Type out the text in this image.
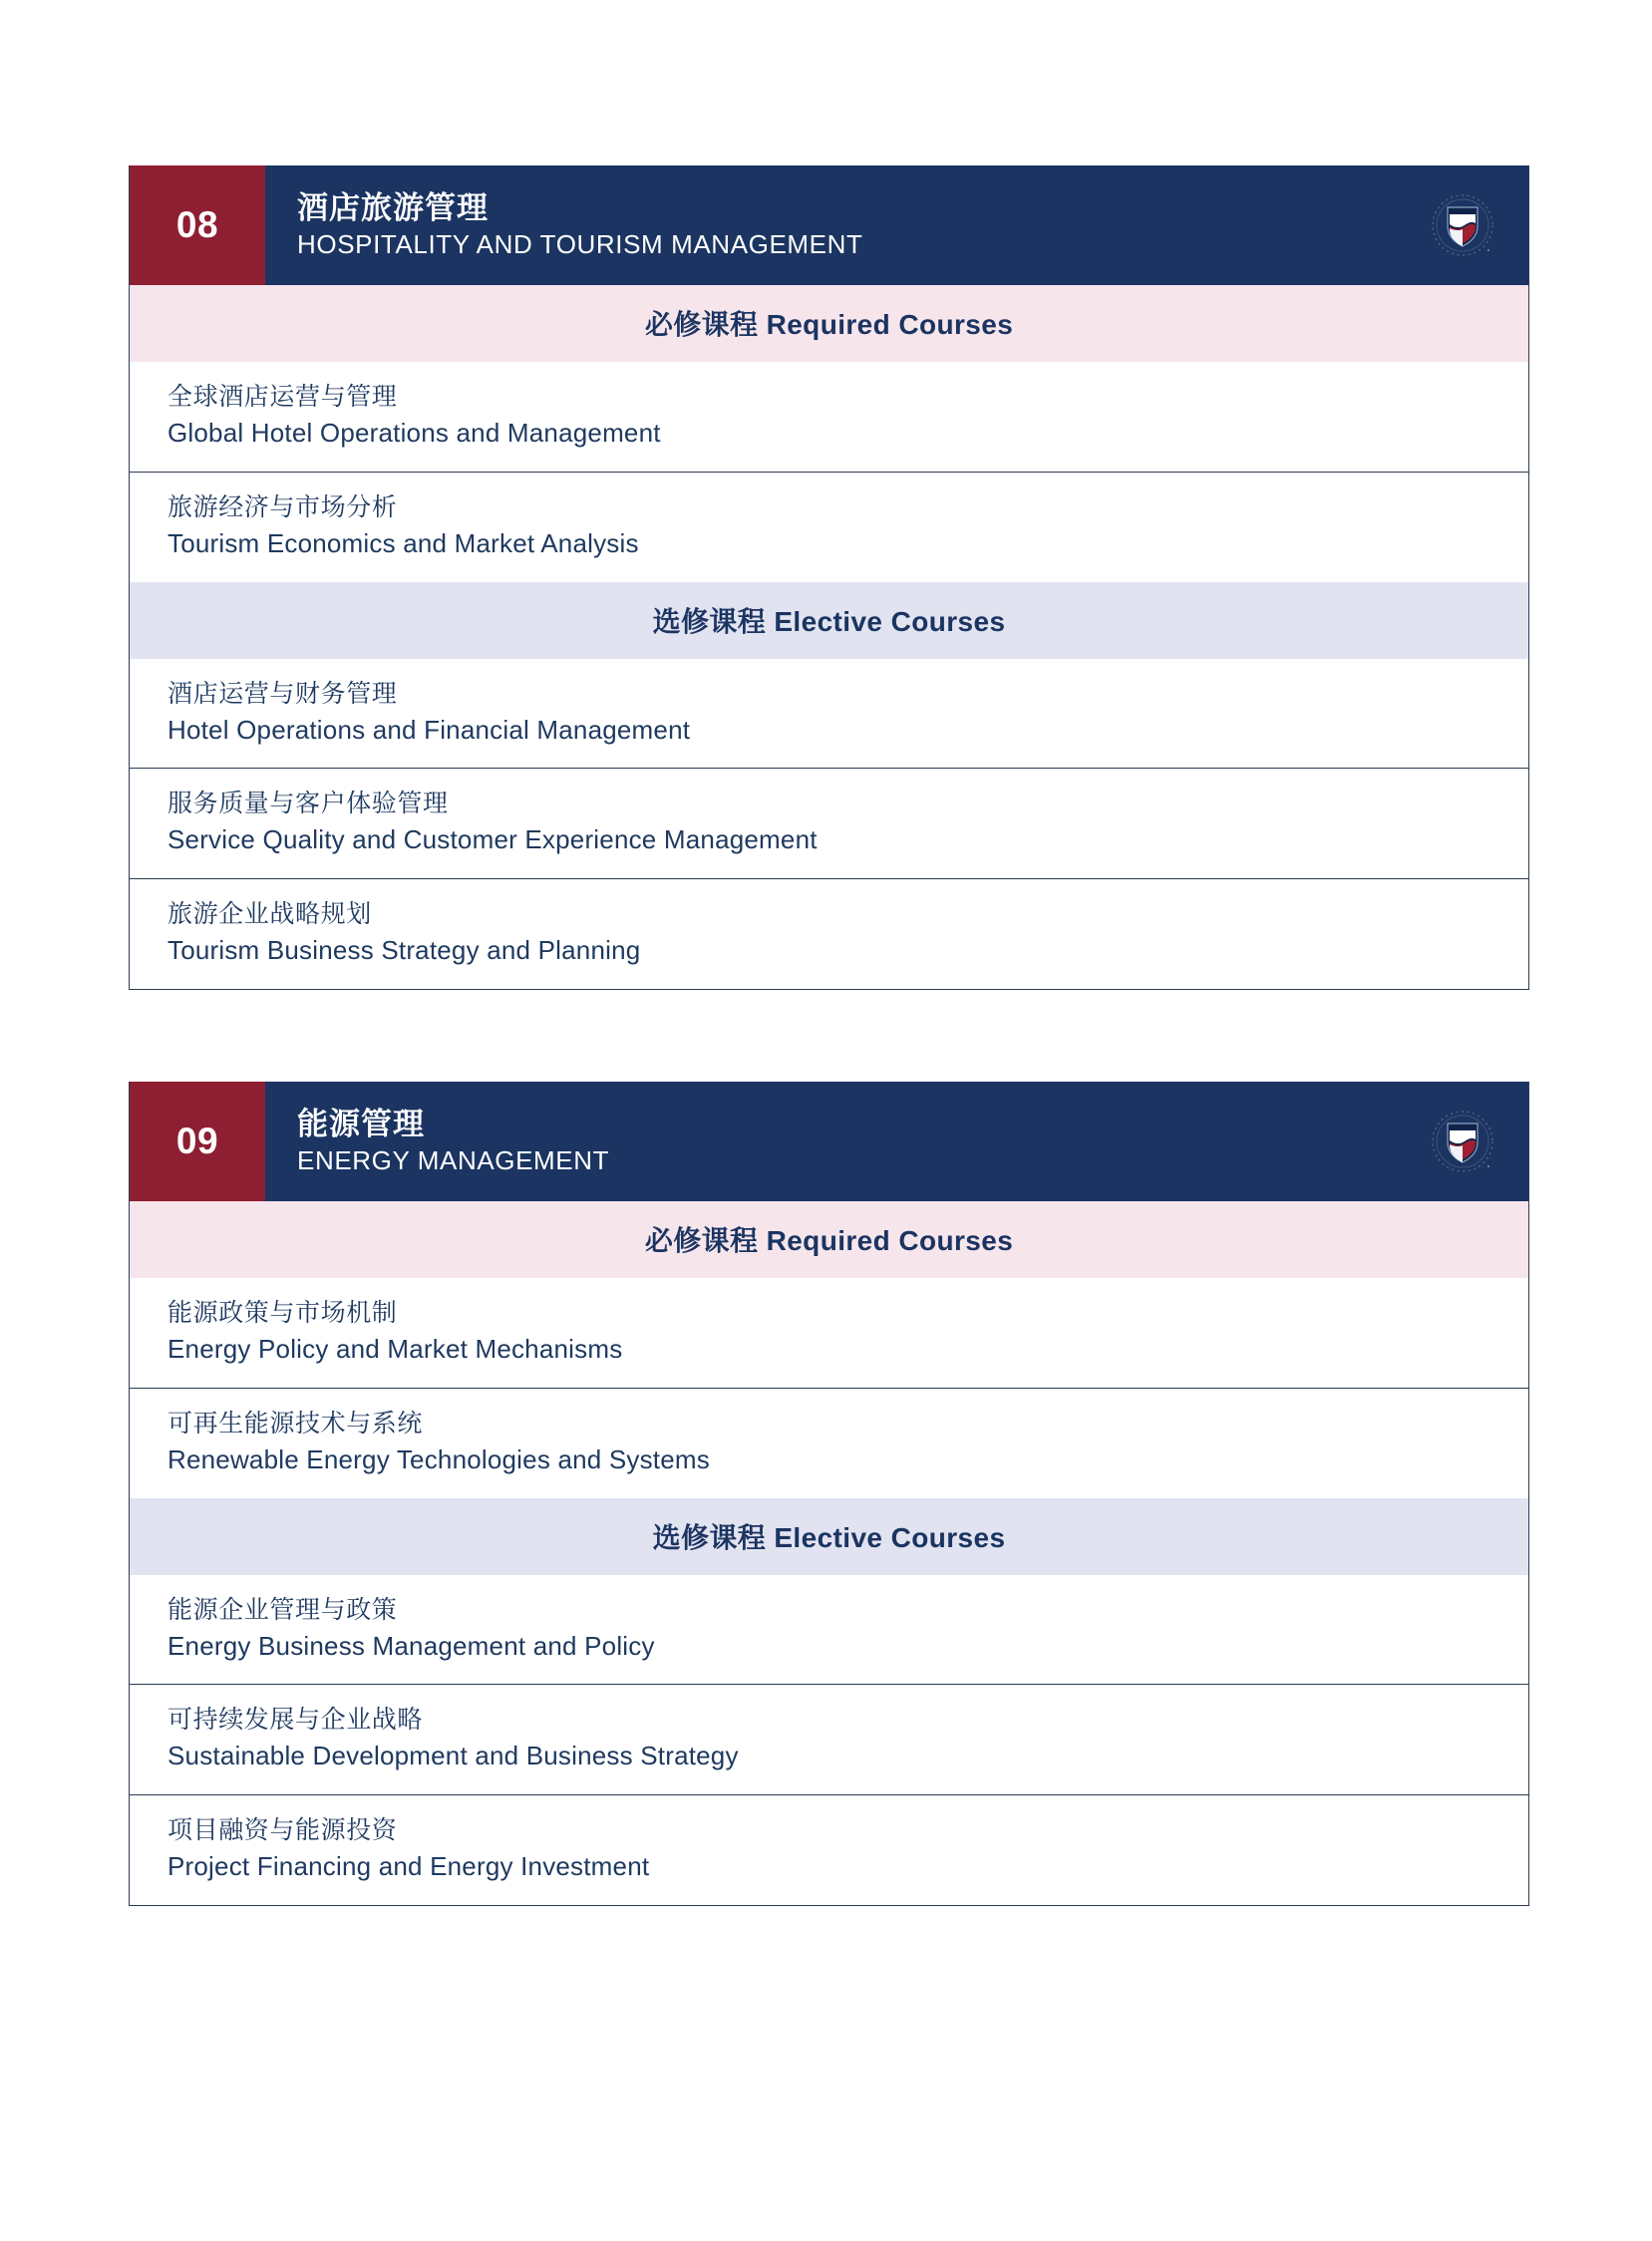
08	酒店旅游管理
HOSPITALITY AND TOURISM MANAGEMENT
必修课程 Required Courses
全球酒店运营与管理
Global Hotel Operations and Management
旅游经济与市场分析
Tourism Economics and Market Analysis
选修课程 Elective Courses
酒店运营与财务管理
Hotel Operations and Financial Management
服务质量与客户体验管理
Service Quality and Customer Experience Management
旅游企业战略规划
Tourism Business Strategy and Planning
09	能源管理
ENERGY MANAGEMENT
必修课程 Required Courses
能源政策与市场机制
Energy Policy and Market Mechanisms
可再生能源技术与系统
Renewable Energy Technologies and Systems
选修课程 Elective Courses
能源企业管理与政策
Energy Business Management and Policy
可持续发展与企业战略
Sustainable Development and Business Strategy
项目融资与能源投资
Project Financing and Energy Investment
